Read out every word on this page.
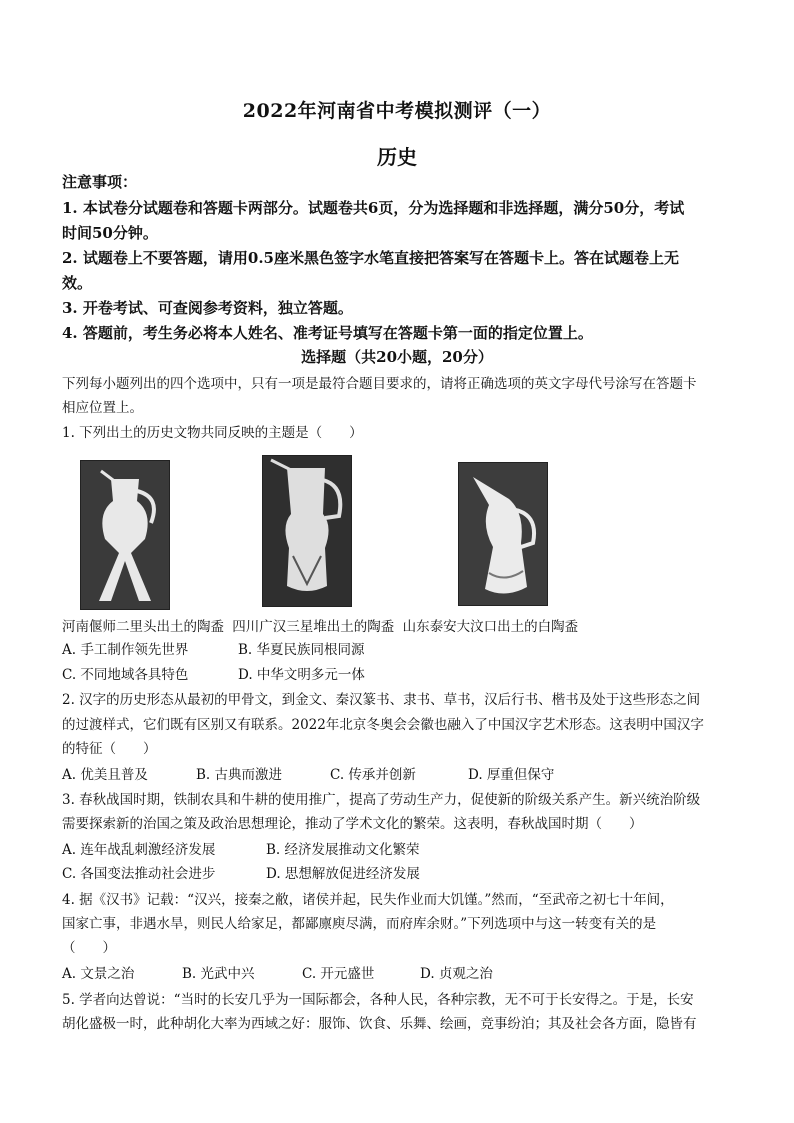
2022年河南省中考模拟测评（一）
历史
注意事项：
1. 本试卷分试题卷和答题卡两部分。试题卷共6页，分为选择题和非选择题，满分50分，考试
时间50分钟。
2. 试题卷上不要答题，请用0.5座米黑色签字水笔直接把答案写在答题卡上。答在试题卷上无
效。
3. 开卷考试、可查阅参考资料，独立答题。
4. 答题前，考生务必将本人姓名、准考证号填写在答题卡第一面的指定位置上。
选择题（共20小题，20分）
下列每小题列出的四个选项中，只有一项是最符合题目要求的，请将正确选项的英文字母代号涂写在答题卡
相应位置上。
1. 下列出土的历史文物共同反映的主题是（　　）
河南偃师二里头出土的陶盉 四川广汉三星堆出土的陶盉 山东泰安大汶口出土的白陶盉
A. 手工制作领先世界	B. 华夏民族同根同源
C. 不同地域各具特色	D. 中华文明多元一体
2. 汉字的历史形态从最初的甲骨文，到金文、秦汉篆书、隶书、草书，汉后行书、楷书及处于这些形态之间
的过渡样式，它们既有区别又有联系。2022年北京冬奥会会徽也融入了中国汉字艺术形态。这表明中国汉字
的特征（　　）
A. 优美且普及	B. 古典而激进	C. 传承并创新	D. 厚重但保守
3. 春秋战国时期，铁制农具和牛耕的使用推广，提高了劳动生产力，促使新的阶级关系产生。新兴统治阶级
需要探索新的治国之策及政治思想理论，推动了学术文化的繁荣。这表明，春秋战国时期（　　）
A. 连年战乱刺激经济发展	B. 经济发展推动文化繁荣
C. 各国变法推动社会进步	D. 思想解放促进经济发展
4. 据《汉书》记载：“汉兴，接秦之敝，诸侯并起，民失作业而大饥馑。”然而，“至武帝之初七十年间，
国家亡事，非遇水旱，则民人给家足，都鄙廪庾尽满，而府库余财。”下列选项中与这一转变有关的是
（　　）
A. 文景之治	B. 光武中兴	C. 开元盛世	D. 贞观之治
5. 学者向达曾说：“当时的长安几乎为一国际都会，各种人民，各种宗教，无不可于长安得之。于是，长安
胡化盛极一时，此种胡化大率为西域之好：服饰、饮食、乐舞、绘画，竞事纷泊；其及社会各方面，隐皆有
